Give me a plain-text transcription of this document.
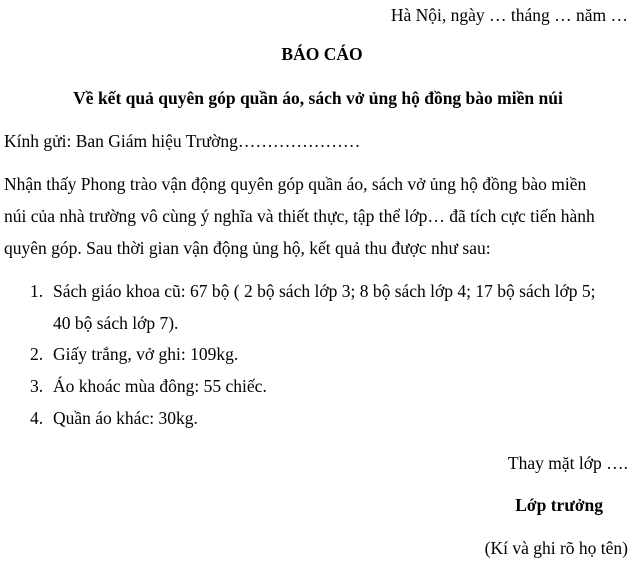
Hà Nội, ngày … tháng … năm …
BÁO CÁO
Về kết quả quyên góp quần áo, sách vở ủng hộ đồng bào miền núi
Kính gửi: Ban Giám hiệu Trường…………………
Nhận thấy Phong trào vận động quyên góp quần áo, sách vở ủng hộ đồng bào miền
núi của nhà trường vô cùng ý nghĩa và thiết thực, tập thể lớp… đã tích cực tiến hành
quyên góp. Sau thời gian vận động ủng hộ, kết quả thu được như sau:
1. Sách giáo khoa cũ: 67 bộ ( 2 bộ sách lớp 3; 8 bộ sách lớp 4; 17 bộ sách lớp 5;
40 bộ sách lớp 7).
2. Giấy trắng, vở ghi: 109kg.
3. Áo khoác mùa đông: 55 chiếc.
4. Quần áo khác: 30kg.
Thay mặt lớp ….
Lớp trưởng
(Kí và ghi rõ họ tên)
